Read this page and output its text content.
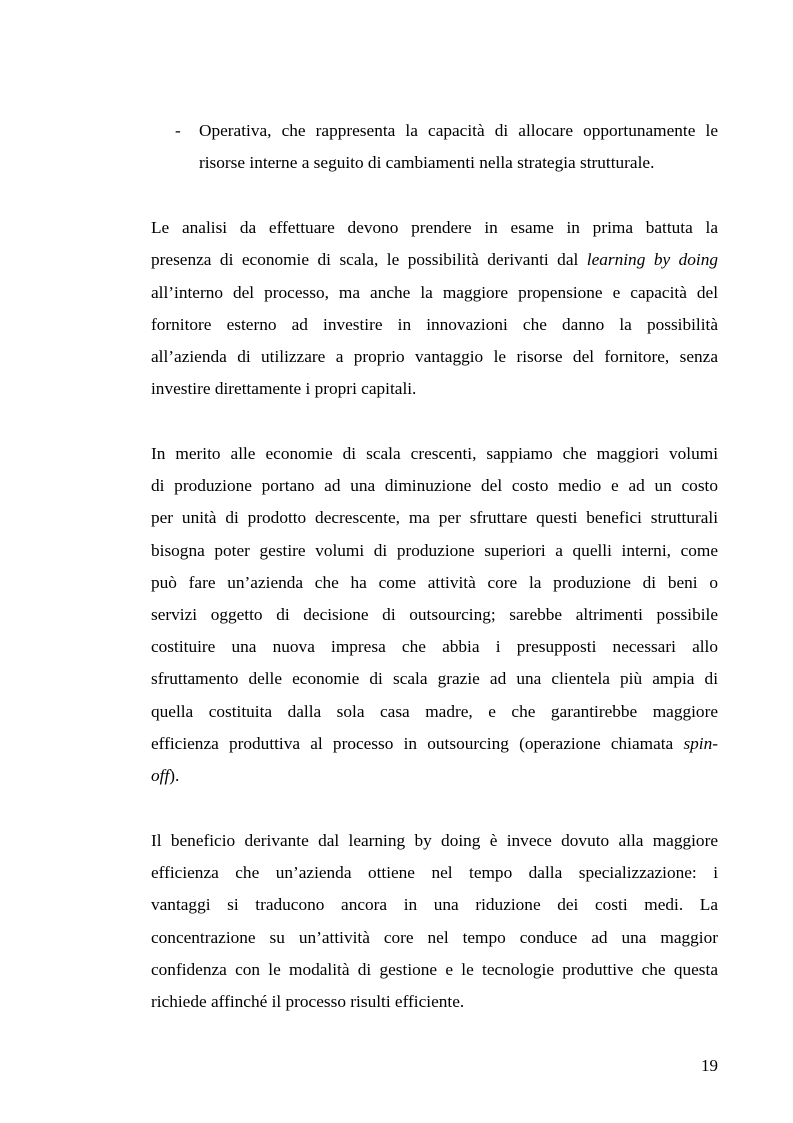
- Operativa, che rappresenta la capacità di allocare opportunamente le
risorse interne a seguito di cambiamenti nella strategia strutturale.
Le analisi da effettuare devono prendere in esame in prima battuta la
presenza di economie di scala, le possibilità derivanti dal learning by doing
all’interno del processo, ma anche la maggiore propensione e capacità del
fornitore esterno ad investire in innovazioni che danno la possibilità
all’azienda di utilizzare a proprio vantaggio le risorse del fornitore, senza
investire direttamente i propri capitali.
In merito alle economie di scala crescenti, sappiamo che maggiori volumi
di produzione portano ad una diminuzione del costo medio e ad un costo
per unità di prodotto decrescente, ma per sfruttare questi benefici strutturali
bisogna poter gestire volumi di produzione superiori a quelli interni, come
può fare un’azienda che ha come attività core la produzione di beni o
servizi oggetto di decisione di outsourcing; sarebbe altrimenti possibile
costituire una nuova impresa che abbia i presupposti necessari allo
sfruttamento delle economie di scala grazie ad una clientela più ampia di
quella costituita dalla sola casa madre, e che garantirebbe maggiore
efficienza produttiva al processo in outsourcing (operazione chiamata spin-
off).
Il beneficio derivante dal learning by doing è invece dovuto alla maggiore
efficienza che un’azienda ottiene nel tempo dalla specializzazione: i
vantaggi si traducono ancora in una riduzione dei costi medi. La
concentrazione su un’attività core nel tempo conduce ad una maggior
confidenza con le modalità di gestione e le tecnologie produttive che questa
richiede affinché il processo risulti efficiente.
19
